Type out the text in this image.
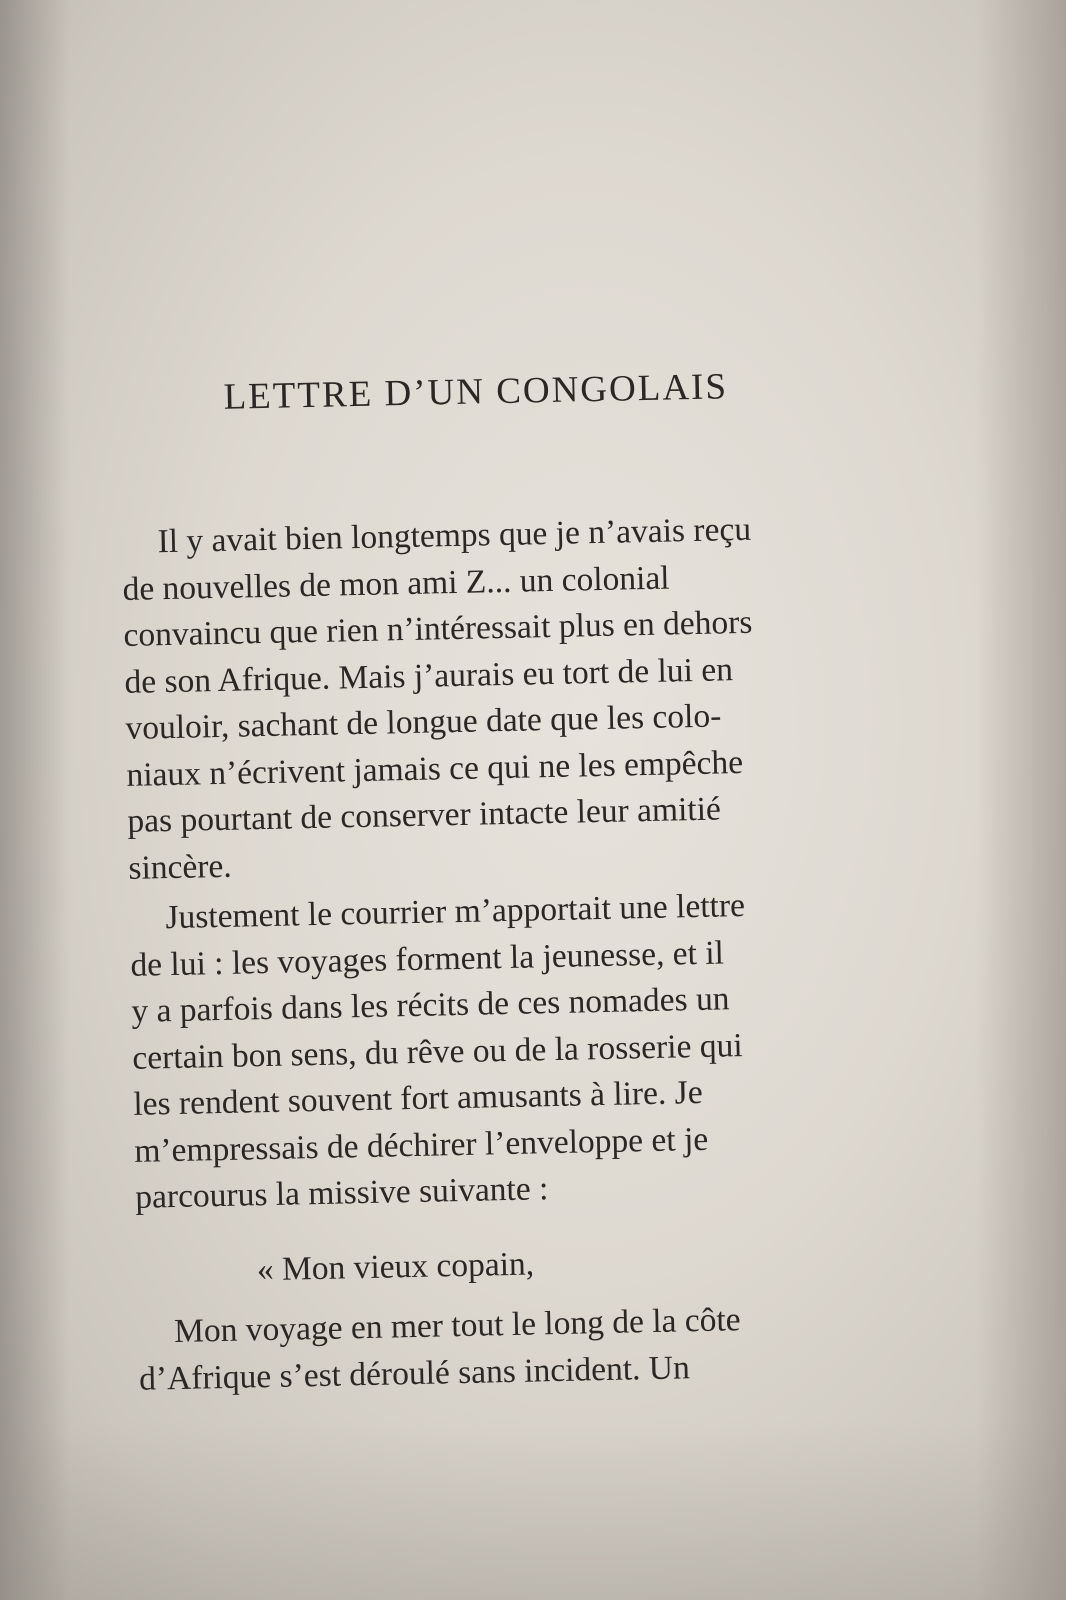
LETTRE D’UN CONGOLAIS

Il y avait bien longtemps que je n’avais reçu
de nouvelles de mon ami Z... un colonial
convaincu que rien n’intéressait plus en dehors
de son Afrique. Mais j’aurais eu tort de lui en
vouloir, sachant de longue date que les colo-
niaux n’écrivent jamais ce qui ne les empêche
pas pourtant de conserver intacte leur amitié
sincère.

Justement le courrier m’apportait une lettre
de lui : les voyages forment la jeunesse, et il
y a parfois dans les récits de ces nomades un
certain bon sens, du rêve ou de la rosserie qui
les rendent souvent fort amusants à lire. Je
m’empressais de déchirer l’enveloppe et je
parcourus la missive suivante :

« Mon vieux copain,

Mon voyage en mer tout le long de la côte
d’Afrique s’est déroulé sans incident. Un
